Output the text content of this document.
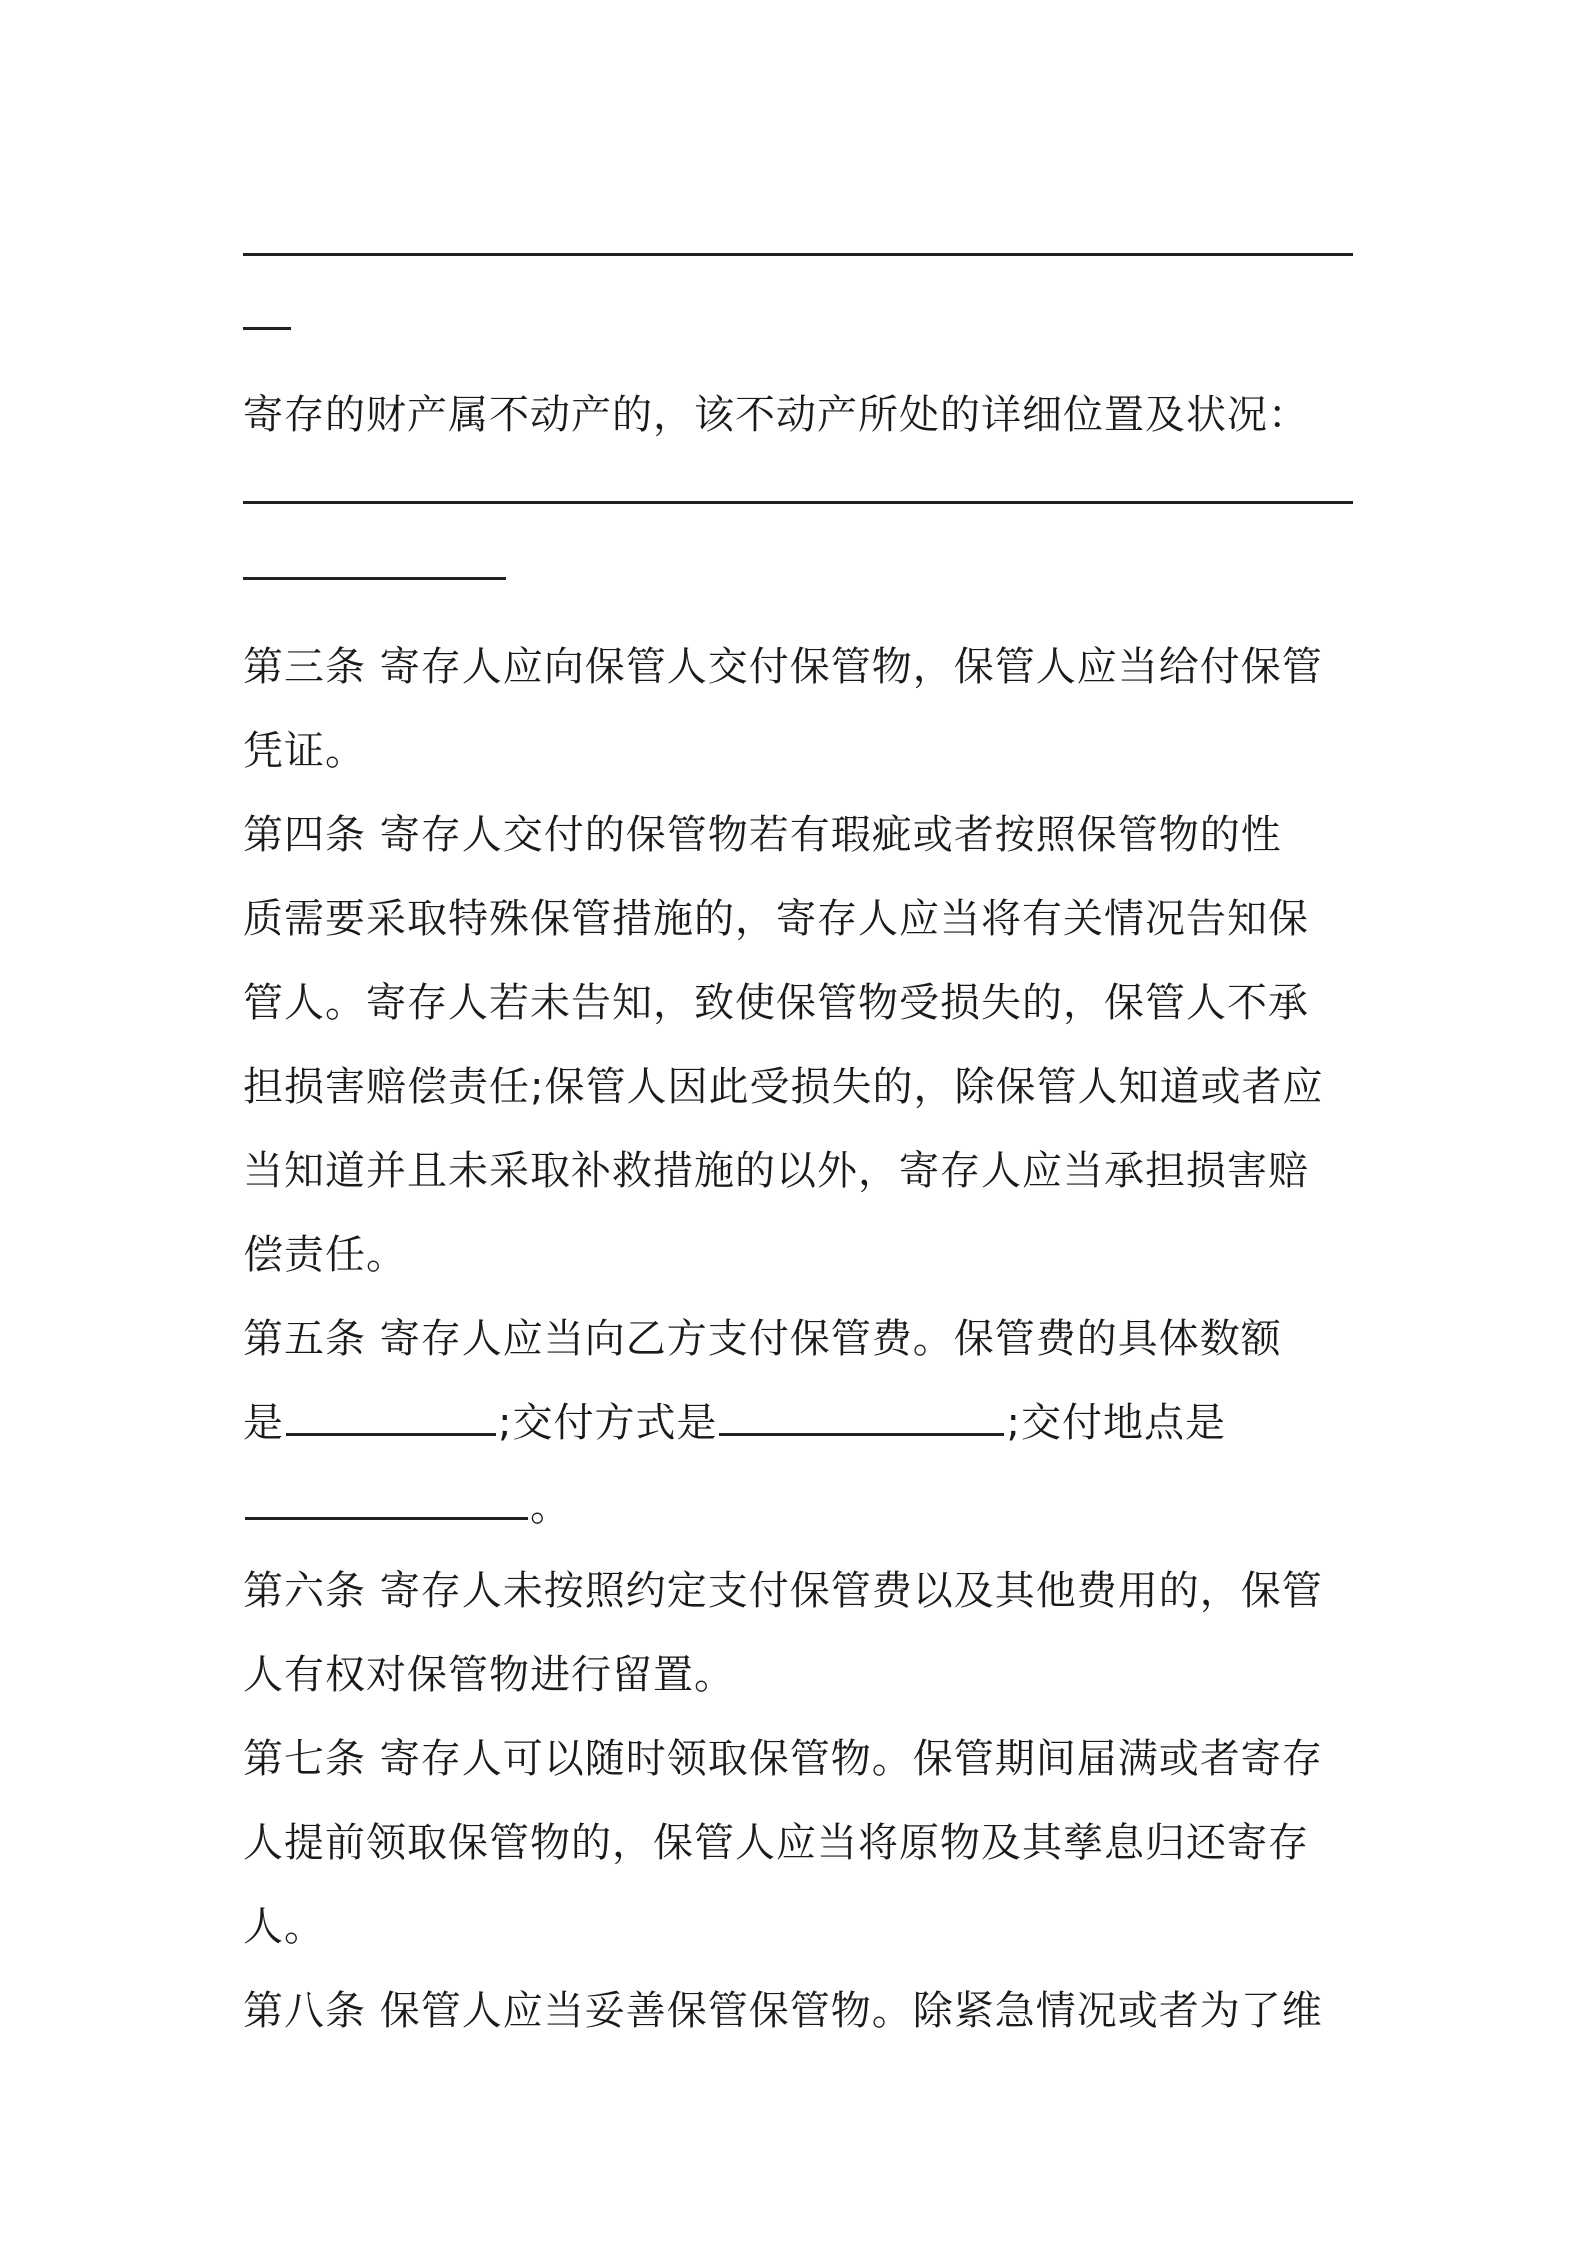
寄存的财产属不动产的，该不动产所处的详细位置及状况：
第三条 寄存人应向保管人交付保管物，保管人应当给付保管
凭证。
第四条 寄存人交付的保管物若有瑕疵或者按照保管物的性
质需要采取特殊保管措施的，寄存人应当将有关情况告知保
管人。寄存人若未告知，致使保管物受损失的，保管人不承
担损害赔偿责任;保管人因此受损失的，除保管人知道或者应
当知道并且未采取补救措施的以外，寄存人应当承担损害赔
偿责任。
第五条 寄存人应当向乙方支付保管费。保管费的具体数额
是	;交付方式是	;交付地点是
。
第六条 寄存人未按照约定支付保管费以及其他费用的，保管
人有权对保管物进行留置。
第七条 寄存人可以随时领取保管物。保管期间届满或者寄存
人提前领取保管物的，保管人应当将原物及其孳息归还寄存
人。
第八条 保管人应当妥善保管保管物。除紧急情况或者为了维
